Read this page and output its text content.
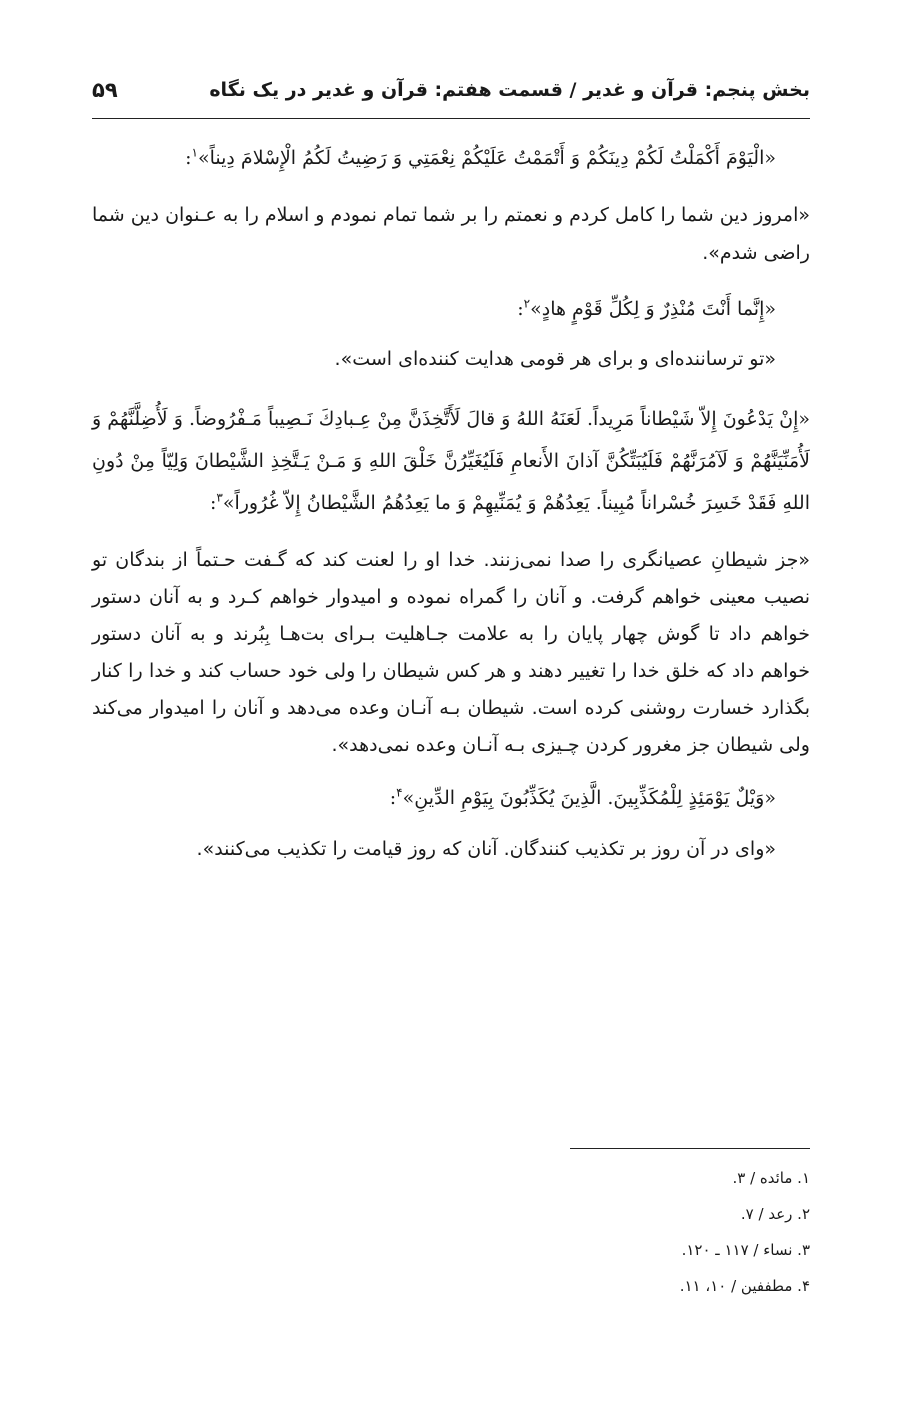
بخش پنجم: قرآن و غدیر / قسمت هفتم: قرآن و غدیر در یک نگاه
۵۹

«الْيَوْمَ أَكْمَلْتُ لَكُمْ دِينَكُمْ وَ أَتْمَمْتُ عَلَيْكُمْ نِعْمَتِي وَ رَضِيتُ لَكُمُ الْإِسْلامَ دِيناً»$^۱$:

«امروز دین شما را کامل کردم و نعمتم را بر شما تمام نمودم و اسلام را به عـنوان دین شما راضی شدم».

«إِنَّما أَنْتَ مُنْذِرٌ وَ لِكُلِّ قَوْمٍ هادٍ»$^۲$:

«تو ترساننده‌ای و برای هر قومی هدایت کننده‌ای است».

«إِنْ يَدْعُونَ إِلاّ شَيْطاناً مَرِيداً. لَعَنَهُ اللهُ وَ قالَ لَأَتَّخِذَنَّ مِنْ عِـبادِكَ نَـصِيباً مَـفْرُوضاً. وَ لَأُضِلَّنَّهُمْ وَ لَأُمَنِّيَنَّهُمْ وَ لَآمُرَنَّهُمْ فَلَيُبَتِّكُنَّ آذانَ الأَنعامِ فَلَيُغَيِّرُنَّ خَلْقَ اللهِ وَ مَـنْ يَـتَّخِذِ الشَّيْطانَ وَلِيّاً مِنْ دُونِ اللهِ فَقَدْ خَسِرَ خُسْراناً مُبِيناً. يَعِدُهُمْ وَ يُمَنِّيهِمْ وَ ما يَعِدُهُمُ الشَّيْطانُ إِلاّ غُرُوراً»$^۳$:

«جز شیطانِ عصیانگری را صدا نمی‌زنند. خدا او را لعنت کند که گـفت حـتماً از بندگان تو نصیب معینی خواهم گرفت. و آنان را گمراه نموده و امیدوار خواهم کـرد و به آنان دستور خواهم داد تا گوش چهار پایان را به علامت جـاهلیت بـرای بت‌هـا بِبُرند و به آنان دستور خواهم داد که خلق خدا را تغییر دهند و هر کس شیطان را ولی خود حساب کند و خدا را کنار بگذارد خسارت روشنی کرده است. شیطان بـه آنـان وعده می‌دهد و آنان را امیدوار می‌کند ولی شیطان جز مغرور کردن چـیزی بـه آنـان وعده نمی‌دهد».

«وَيْلٌ يَوْمَئِذٍ لِلْمُكَذِّبِينَ. الَّذِينَ يُكَذِّبُونَ بِيَوْمِ الدِّينِ»$^۴$:

«وای در آن روز بر تکذیب کنندگان. آنان که روز قیامت را تکذیب می‌کنند».

۱. مائده / ۳.
۲. رعد / ۷.
۳. نساء / ۱۱۷ ـ ۱۲۰.
۴. مطففین / ۱۰، ۱۱.
